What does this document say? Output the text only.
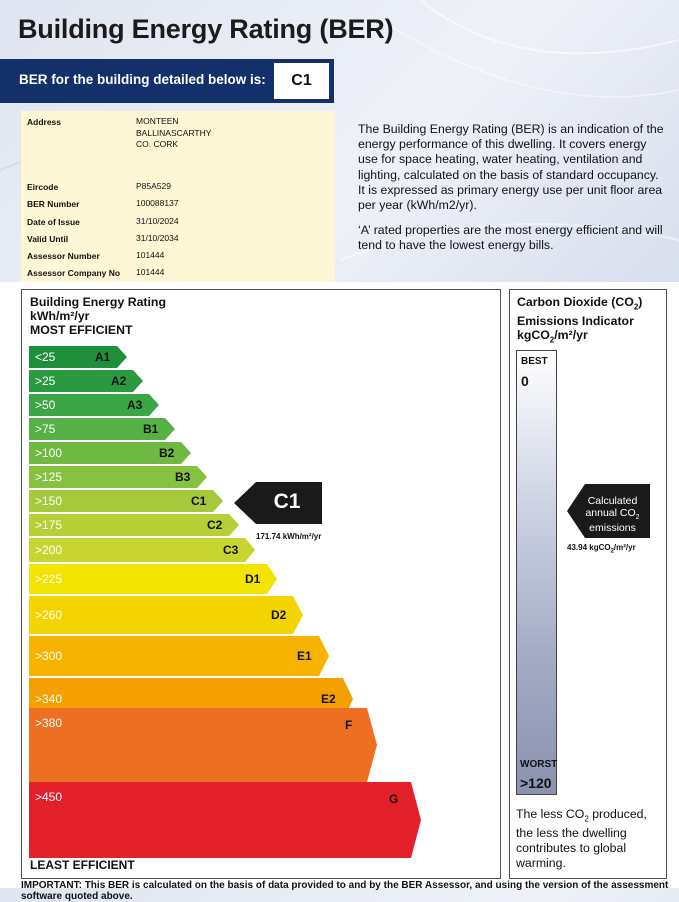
Building Energy Rating (BER)
BER for the building detailed below is:	C1
Address	MONTEEN
BALLINASCARTHY
CO. CORK
Eircode	P85A529
BER Number	100088137
Date of Issue	31/10/2024
Valid Until	31/10/2034
Assessor Number	101444
Assessor Company No 101444

The Building Energy Rating (BER) is an indication of the energy performance of this dwelling. It covers energy use for space heating, water heating, ventilation and lighting, calculated on the basis of standard occupancy. It is expressed as primary energy use per unit floor area per year (kWh/m2/yr).

‘A’ rated properties are the most energy efficient and will tend to have the lowest energy bills.

Building Energy Rating
kWh/m²/yr
MOST EFFICIENT
<25	A1
>25	A2
>50	A3
>75	B1
>100	B2
>125	B3
>150	C1
>175	C2
>200	C3
>225	D1
>260	D2
>300	E1
>340	E2
>380	F
>450	G
LEAST EFFICIENT
C1
171.74 kWh/m²/yr
Carbon Dioxide $(CO_2)$
Emissions Indicator
kgCO$_2$/m²/yr
BEST
0
WORST
>120
Calculated
annual $CO_2$
emissions
43.94 kgCO$_2$/m²/yr
The less $CO_2$ produced, the less the dwelling contributes to global warming.
IMPORTANT: This BER is calculated on the basis of data provided to and by the BER Assessor, and using the version of the assessment software quoted above.
